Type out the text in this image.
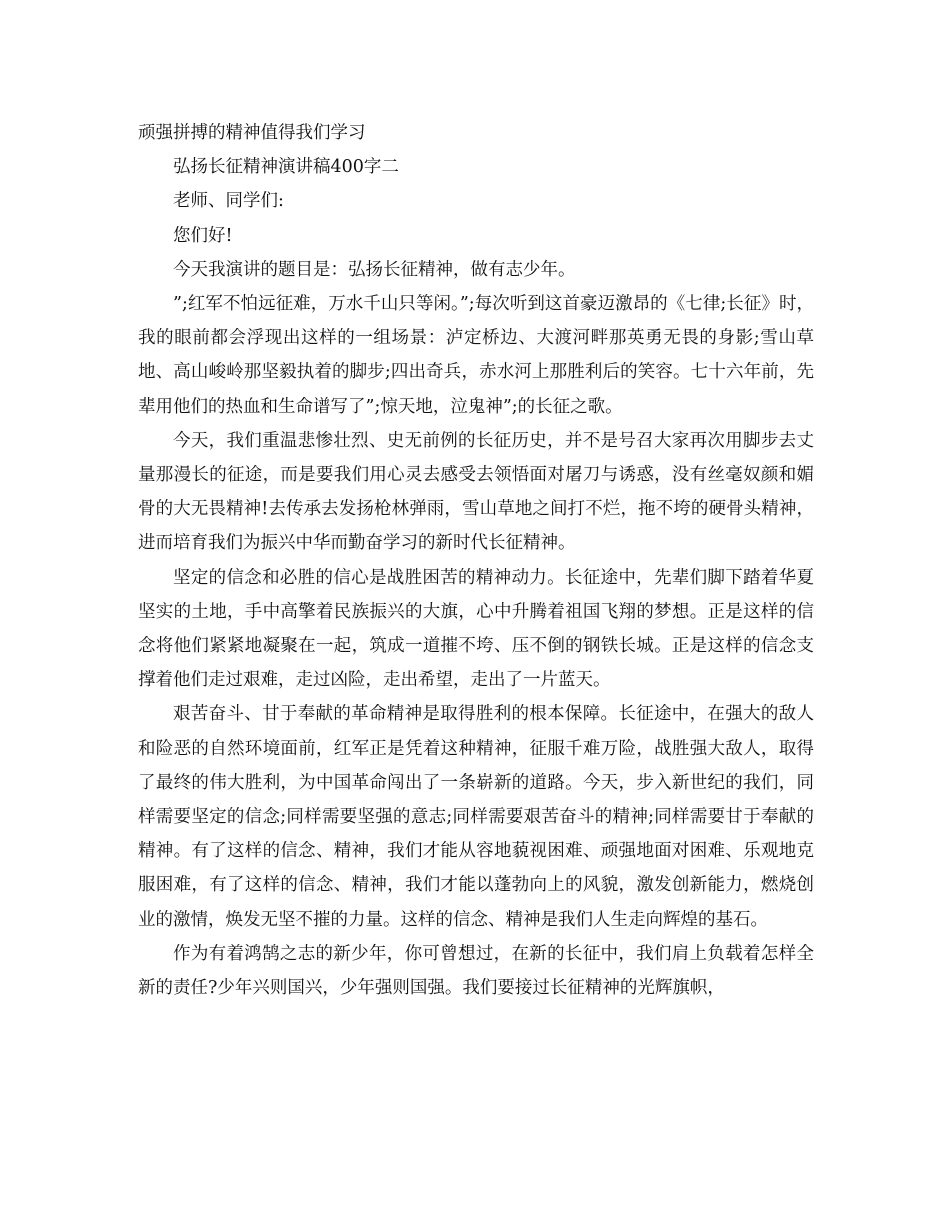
顽强拼搏的精神值得我们学习

弘扬长征精神演讲稿400字二

老师、同学们:

您们好!

今天我演讲的题目是：弘扬长征精神，做有志少年。

”;红军不怕远征难，万水千山只等闲。”;每次听到这首豪迈激昂的《七律;长征》时，我的眼前都会浮现出这样的一组场景：泸定桥边、大渡河畔那英勇无畏的身影;雪山草地、高山峻岭那坚毅执着的脚步;四出奇兵，赤水河上那胜利后的笑容。七十六年前，先辈用他们的热血和生命谱写了”;惊天地，泣鬼神”;的长征之歌。

今天，我们重温悲惨壮烈、史无前例的长征历史，并不是号召大家再次用脚步去丈量那漫长的征途，而是要我们用心灵去感受去领悟面对屠刀与诱惑，没有丝毫奴颜和媚骨的大无畏精神!去传承去发扬枪林弹雨，雪山草地之间打不烂，拖不垮的硬骨头精神，进而培育我们为振兴中华而勤奋学习的新时代长征精神。

坚定的信念和必胜的信心是战胜困苦的精神动力。长征途中，先辈们脚下踏着华夏坚实的土地，手中高擎着民族振兴的大旗，心中升腾着祖国飞翔的梦想。正是这样的信念将他们紧紧地凝聚在一起，筑成一道摧不垮、压不倒的钢铁长城。正是这样的信念支撑着他们走过艰难，走过凶险，走出希望，走出了一片蓝天。

艰苦奋斗、甘于奉献的革命精神是取得胜利的根本保障。长征途中，在强大的敌人和险恶的自然环境面前，红军正是凭着这种精神，征服千难万险，战胜强大敌人，取得了最终的伟大胜利，为中国革命闯出了一条崭新的道路。今天，步入新世纪的我们，同样需要坚定的信念;同样需要坚强的意志;同样需要艰苦奋斗的精神;同样需要甘于奉献的精神。有了这样的信念、精神，我们才能从容地藐视困难、顽强地面对困难、乐观地克服困难，有了这样的信念、精神，我们才能以蓬勃向上的风貌，激发创新能力，燃烧创业的激情，焕发无坚不摧的力量。这样的信念、精神是我们人生走向辉煌的基石。

作为有着鸿鹄之志的新少年，你可曾想过，在新的长征中，我们肩上负载着怎样全新的责任?少年兴则国兴，少年强则国强。我们要接过长征精神的光辉旗帜，
